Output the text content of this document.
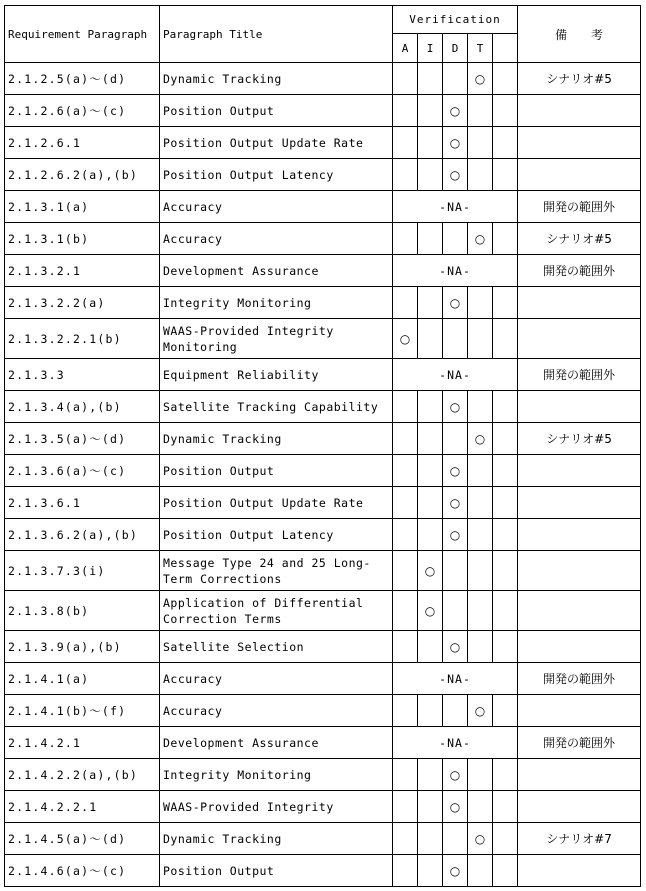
Requirement Paragraph	Paragraph Title	Verification					備　　考
		A	I	D	T		
2.1.2.5(a)～(d)	Dynamic Tracking				○		シナリオ#5
2.1.2.6(a)～(c)	Position Output			○			
2.1.2.6.1	Position Output Update Rate			○			
2.1.2.6.2(a),(b)	Position Output Latency			○			
2.1.3.1(a)	Accuracy	-NA-					開発の範囲外
2.1.3.1(b)	Accuracy				○		シナリオ#5
2.1.3.2.1	Development Assurance	-NA-					開発の範囲外
2.1.3.2.2(a)	Integrity Monitoring			○			
2.1.3.2.2.1(b)	WAAS-Provided Integrity Monitoring	○					
2.1.3.3	Equipment Reliability	-NA-					開発の範囲外
2.1.3.4(a),(b)	Satellite Tracking Capability			○			
2.1.3.5(a)～(d)	Dynamic Tracking				○		シナリオ#5
2.1.3.6(a)～(c)	Position Output			○			
2.1.3.6.1	Position Output Update Rate			○			
2.1.3.6.2(a),(b)	Position Output Latency			○			
2.1.3.7.3(i)	Message Type 24 and 25 Long-Term Corrections		○				
2.1.3.8(b)	Application of Differential Correction Terms		○				
2.1.3.9(a),(b)	Satellite Selection			○			
2.1.4.1(a)	Accuracy	-NA-					開発の範囲外
2.1.4.1(b)～(f)	Accuracy				○		
2.1.4.2.1	Development Assurance	-NA-					開発の範囲外
2.1.4.2.2(a),(b)	Integrity Monitoring			○			
2.1.4.2.2.1	WAAS-Provided Integrity			○			
2.1.4.5(a)～(d)	Dynamic Tracking				○		シナリオ#7
2.1.4.6(a)～(c)	Position Output			○			
